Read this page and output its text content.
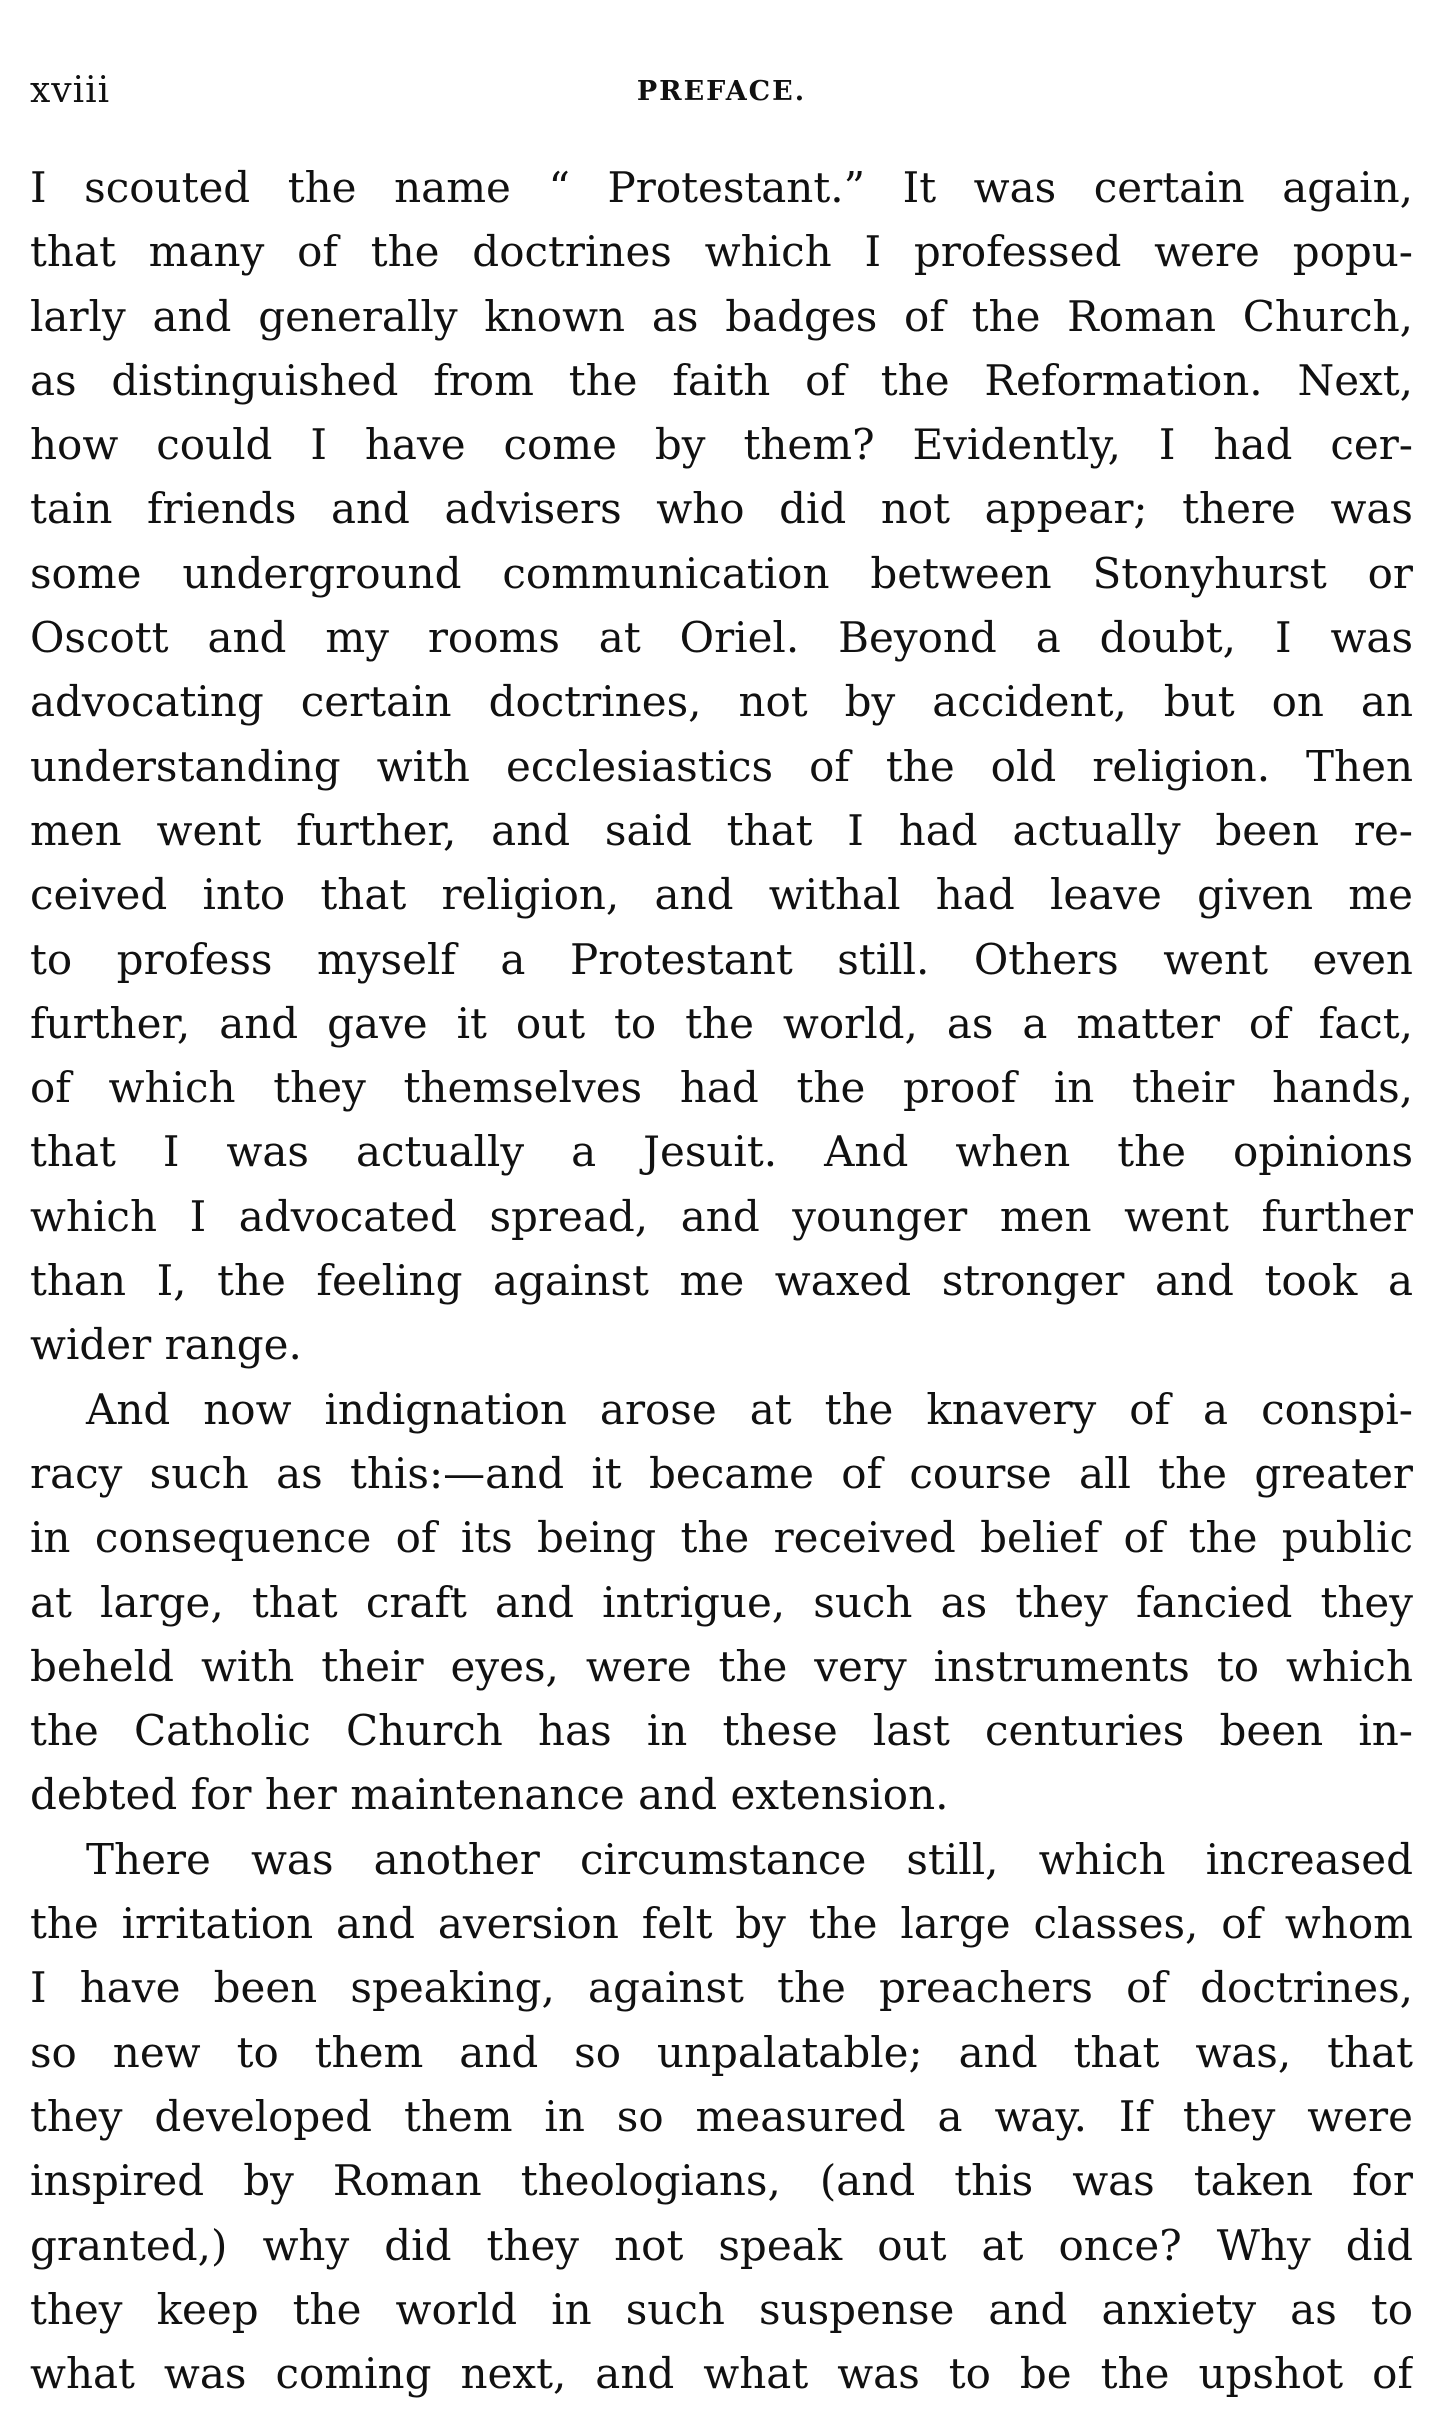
xviii	PREFACE.

I scouted the name “ Protestant.” It was certain again,
that many of the doctrines which I professed were popu-
larly and generally known as badges of the Roman Church,
as distinguished from the faith of the Reformation. Next,
how could I have come by them? Evidently, I had cer-
tain friends and advisers who did not appear; there was
some underground communication between Stonyhurst or
Oscott and my rooms at Oriel. Beyond a doubt, I was
advocating certain doctrines, not by accident, but on an
understanding with ecclesiastics of the old religion. Then
men went further, and said that I had actually been re-
ceived into that religion, and withal had leave given me
to profess myself a Protestant still. Others went even
further, and gave it out to the world, as a matter of fact,
of which they themselves had the proof in their hands,
that I was actually a Jesuit. And when the opinions
which I advocated spread, and younger men went further
than I, the feeling against me waxed stronger and took a
wider range.

And now indignation arose at the knavery of a conspi-
racy such as this:—and it became of course all the greater
in consequence of its being the received belief of the public
at large, that craft and intrigue, such as they fancied they
beheld with their eyes, were the very instruments to which
the Catholic Church has in these last centuries been in-
debted for her maintenance and extension.

There was another circumstance still, which increased
the irritation and aversion felt by the large classes, of whom
I have been speaking, against the preachers of doctrines,
so new to them and so unpalatable; and that was, that
they developed them in so measured a way. If they were
inspired by Roman theologians, (and this was taken for
granted,) why did they not speak out at once? Why did
they keep the world in such suspense and anxiety as to
what was coming next, and what was to be the upshot of
